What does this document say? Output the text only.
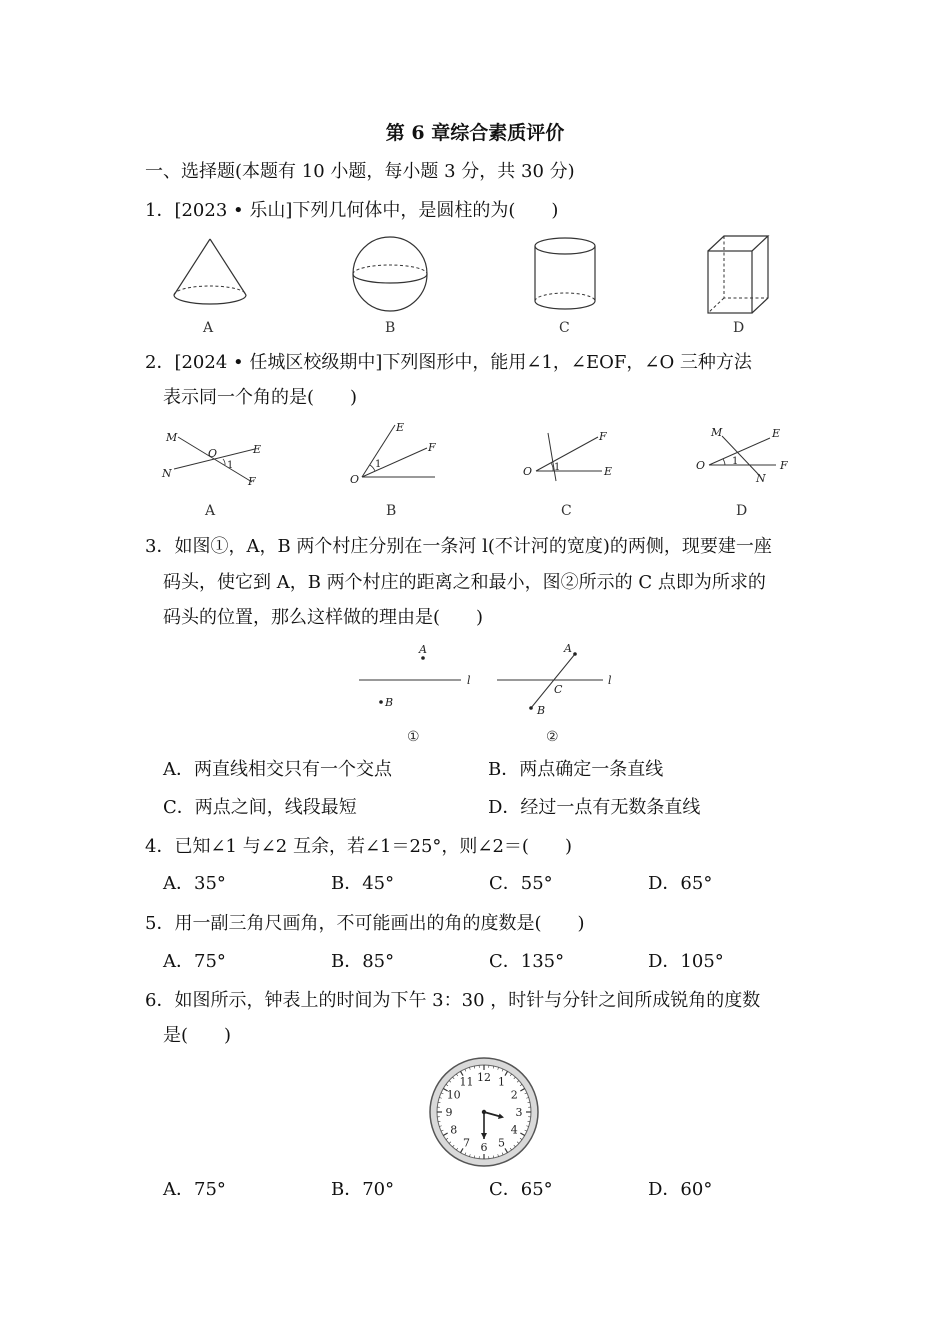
第 6 章综合素质评价
一、选择题(本题有 10 小题，每小题 3 分，共 30 分)
1．[2023 • 乐山]下列几何体中，是圆柱的为(　　)
A	B	C	D
2．[2024 • 任城区校级期中]下列图形中，能用∠1，∠EOF，∠O 三种方法
表示同一个角的是(　　)
M
N
O	E
F
1
O
E
F
1
O	E
F
1
M
N
O
E
F
1
A	B	C	D
3．如图①，A，B 两个村庄分别在一条河 l(不计河的宽度)的两侧，现要建一座
码头，使它到 A，B 两个村庄的距离之和最小，图②所示的 C 点即为所求的
码头的位置，那么这样做的理由是(　　)
A
B
l
A
B
C
l
①	②
A．两直线相交只有一个交点	B．两点确定一条直线
C．两点之间，线段最短	D．经过一点有无数条直线
4．已知∠1 与∠2 互余，若∠1＝25°，则∠2＝(　　)
A．35°	B．45°	C．55°	D．65°
5．用一副三角尺画角，不可能画出的角的度数是(　　)
A．75°	B．85°	C．135°	D．105°
6．如图所示，钟表上的时间为下午 3：30 ，时针与分针之间所成锐角的度数
是(　　)
12 1
2
3
4
5
6
7
8
9
10
11
A．75°	B．70°	C．65°	D．60°
